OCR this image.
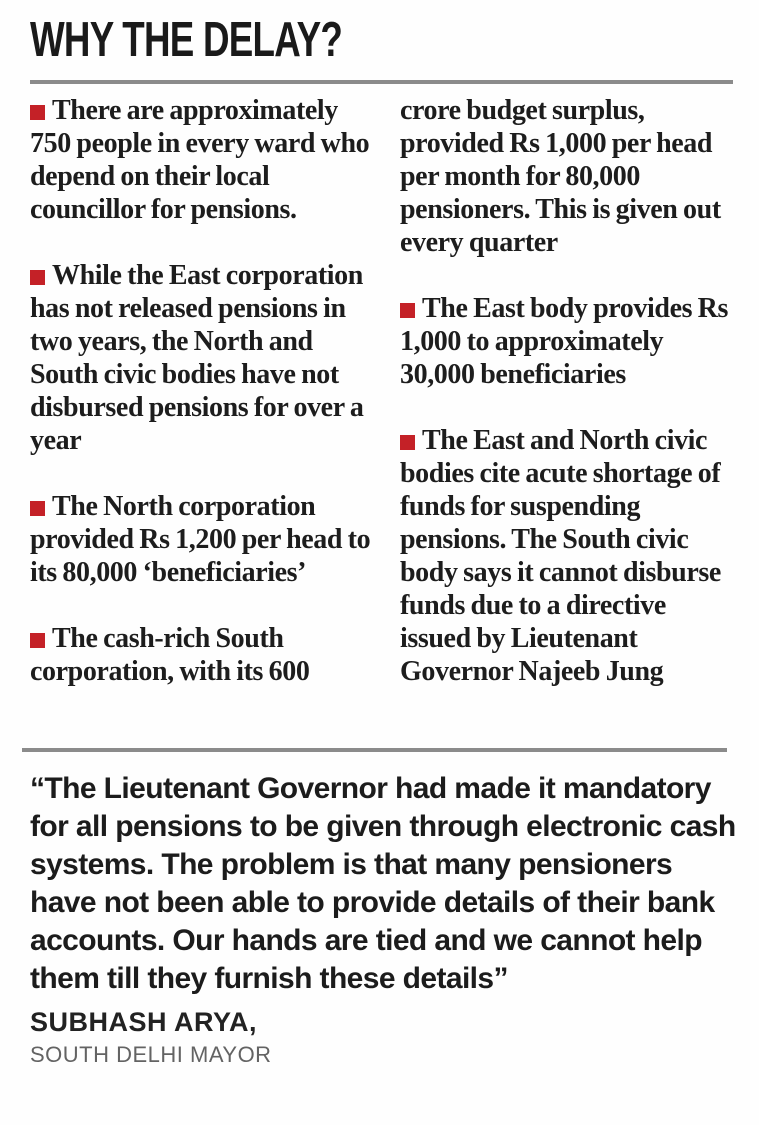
WHY THE DELAY?

There are approximately 750 people in every ward who depend on their local councillor for pensions.

While the East corporation has not released pensions in two years, the North and South civic bodies have not disbursed pensions for over a year

The North corporation provided Rs 1,200 per head to its 80,000 ‘beneficiaries’

The cash-rich South corporation, with its 600

crore budget surplus, provided Rs 1,000 per head per month for 80,000 pensioners. This is given out every quarter

The East body provides Rs 1,000 to approximately 30,000 beneficiaries

The East and North civic bodies cite acute shortage of funds for suspending pensions. The South civic body says it cannot disburse funds due to a directive issued by Lieutenant Governor Najeeb Jung

“The Lieutenant Governor had made it mandatory for all pensions to be given through electronic cash systems. The problem is that many pensioners have not been able to provide details of their bank accounts. Our hands are tied and we cannot help them till they furnish these details”
SUBHASH ARYA,
SOUTH DELHI MAYOR
